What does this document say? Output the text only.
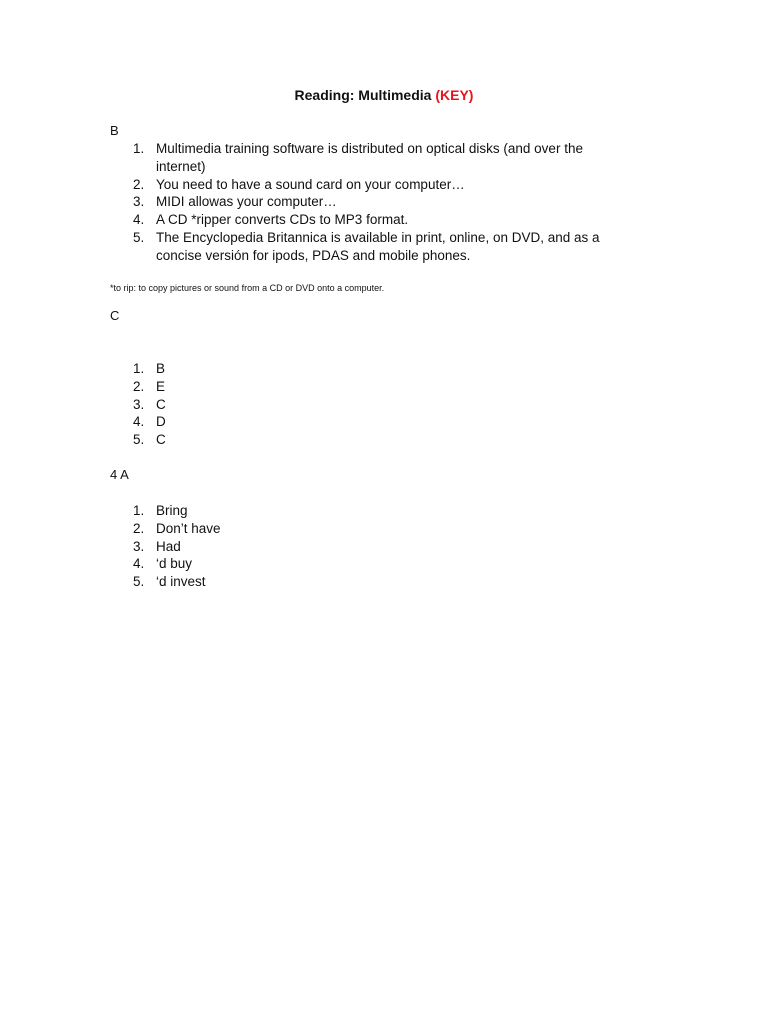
Reading: Multimedia (KEY)
B
1. Multimedia training software is distributed on optical disks (and over the internet)
2. You need to have a sound card on your computer…
3. MIDI allowas your computer…
4. A CD *ripper converts CDs to MP3 format.
5. The Encyclopedia Britannica is available in print, online, on DVD, and as a concise versión for ipods, PDAS and mobile phones.
*to rip: to copy pictures or sound from a CD or DVD onto a computer.
C
1. B
2. E
3. C
4. D
5. C
4 A
1. Bring
2. Don’t have
3. Had
4. ‘d buy
5. ‘d invest
